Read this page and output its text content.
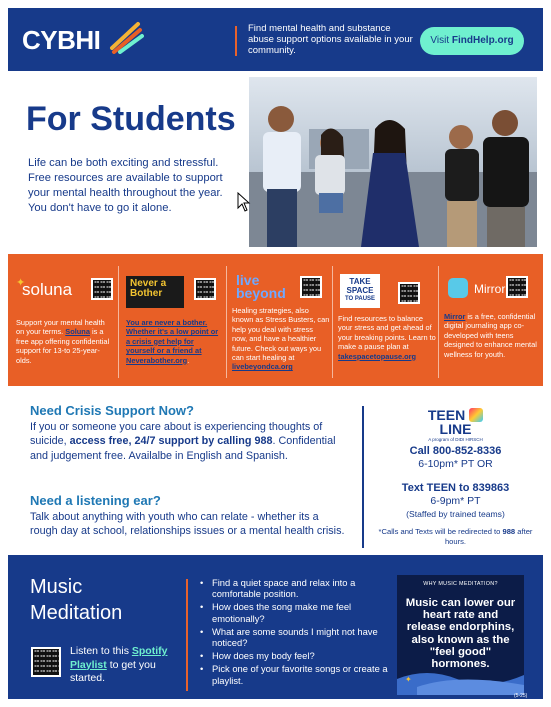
CYBHI	Find mental health and substance abuse support options available in your community.
Visit FindHelp.org
For Students
Life can be both exciting and stressful. Free resources are available to support your mental health throughout the year. You don't have to go it alone.
✦
soluna
Support your mental health on your terms. Soluna is a free app offering confidential support for 13-to 25-year-olds.
Never a
Bother
You are never a bother. Whether it's a low point or a crisis get help for yourself or a friend at Neverabother.org.
live
beyond
Healing strategies, also known as Stress Busters, can help you deal with stress now, and have a healthier future. Check out ways you can start healing at livebeyondca.org
TAKE
SPACE
TO PAUSE
Find resources to balance your stress and get ahead of your breaking points. Learn to make a pause plan at takespacetopause.org
Mirror
Mirror is a free, confidential digital journaling app co-developed with teens designed to enhance mental wellness for youth.
Need Crisis Support Now?
If you or someone you care about is experiencing thoughts of suicide, access free, 24/7 support by calling 988. Confidential and judgement free. Availalbe in English and Spanish.
Need a listening ear?
Talk about anything with youth who can relate - whether its a rough day at school, relationships issues or a mental health crisis.
TEEN
LINE
A program of DIDI HIRSCH
Call 800-852-8336
6-10pm* PT OR
Text TEEN to 839863
6-9pm* PT
(Staffed by trained teams)
*Calls and Texts will be redirected to 988 after hours.
Music
Meditation
Listen to this Spotify Playlist to get you started.
• Find a quiet space and relax into a comfortable position.
• How does the song make me feel emotionally?
• What are some sounds I might not have noticed?
• How does my body feel?
• Pick one of your favorite songs or create a playlist.
WHY MUSIC MEDITATION?
Music can lower our heart rate and release endorphins, also known as the "feel good" hormones.
✦
(5-25)
